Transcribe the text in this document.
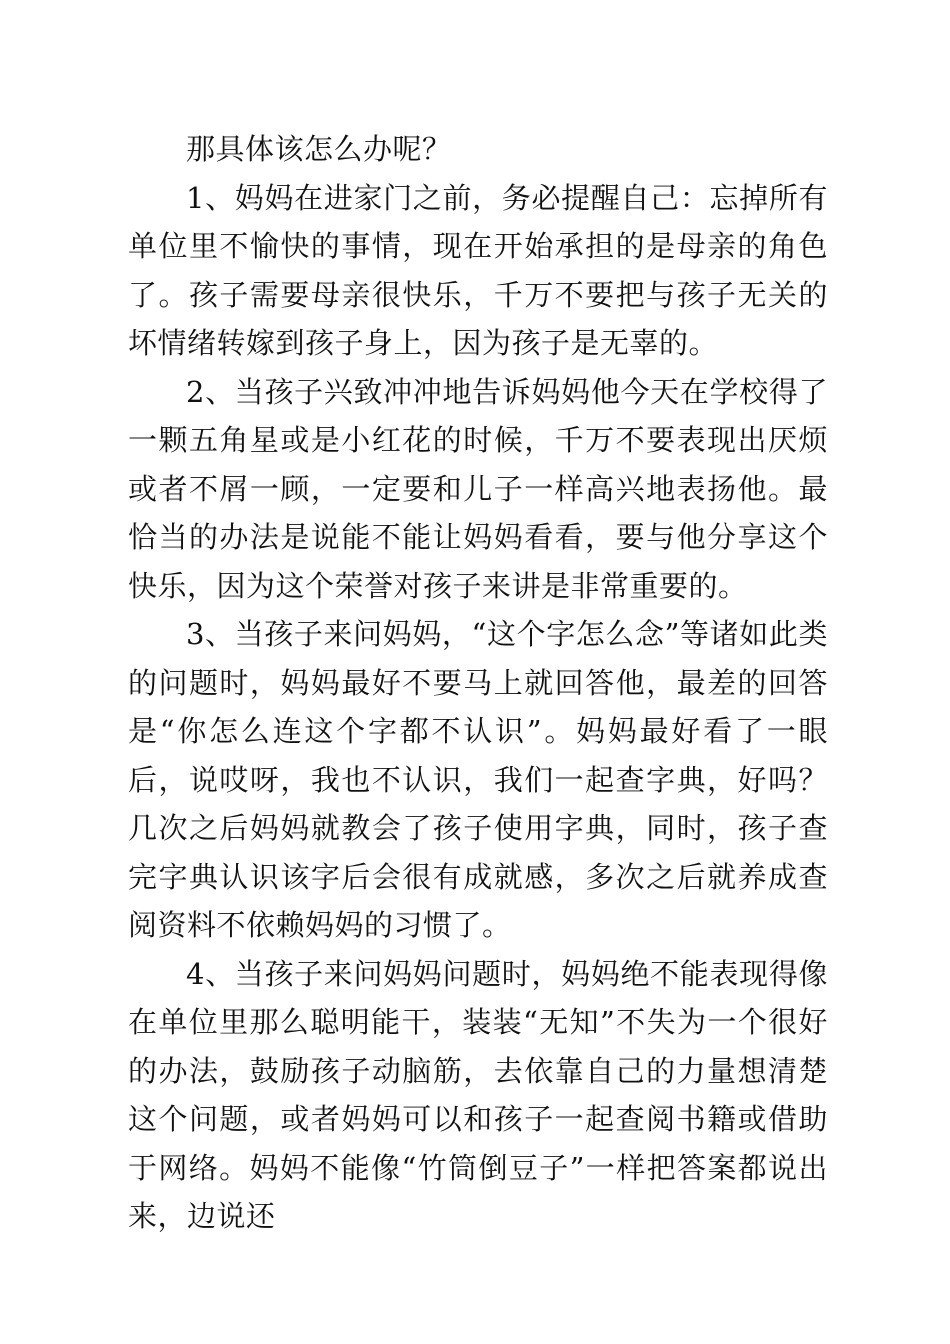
那具体该怎么办呢？

1、妈妈在进家门之前，务必提醒自己：忘掉所有单位里不愉快的事情，现在开始承担的是母亲的角色了。孩子需要母亲很快乐，千万不要把与孩子无关的坏情绪转嫁到孩子身上，因为孩子是无辜的。

2、当孩子兴致冲冲地告诉妈妈他今天在学校得了一颗五角星或是小红花的时候，千万不要表现出厌烦或者不屑一顾，一定要和儿子一样高兴地表扬他。最恰当的办法是说能不能让妈妈看看，要与他分享这个快乐，因为这个荣誉对孩子来讲是非常重要的。

3、当孩子来问妈妈，“这个字怎么念”等诸如此类的问题时，妈妈最好不要马上就回答他，最差的回答是“你怎么连这个字都不认识”。妈妈最好看了一眼后，说哎呀，我也不认识，我们一起查字典，好吗？几次之后妈妈就教会了孩子使用字典，同时，孩子查完字典认识该字后会很有成就感，多次之后就养成查阅资料不依赖妈妈的习惯了。

4、当孩子来问妈妈问题时，妈妈绝不能表现得像在单位里那么聪明能干，装装“无知”不失为一个很好的办法，鼓励孩子动脑筋，去依靠自己的力量想清楚这个问题，或者妈妈可以和孩子一起查阅书籍或借助于网络。妈妈不能像“竹筒倒豆子”一样把答案都说出来，边说还
